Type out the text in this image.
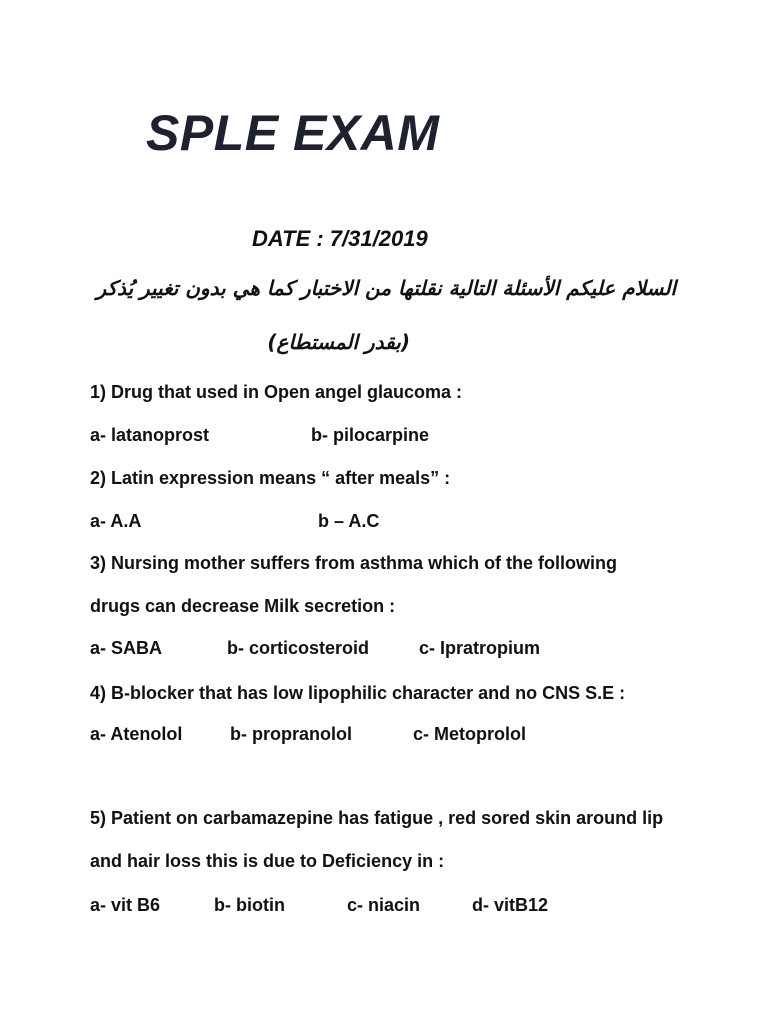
SPLE EXAM
DATE : 7/31/2019
السلام عليكم الأسئلة التالية نقلتها من الاختبار كما هي بدون تغيير يُذكر
(بقدر المستطاع)
1) Drug that used in Open angel glaucoma :
a- latanoprost	b- pilocarpine
2) Latin expression means “ after meals” :
a- A.A	b – A.C
3) Nursing mother suffers from asthma which of the following
drugs can decrease Milk secretion :
a- SABA	b- corticosteroid	c- Ipratropium
4) B-blocker that has low lipophilic character and no CNS S.E :
a- Atenolol	b- propranolol	c- Metoprolol
5) Patient on carbamazepine has fatigue , red sored skin around lip
and hair loss this is due to Deficiency in :
a- vit B6	b- biotin	c- niacin	d- vitB12
